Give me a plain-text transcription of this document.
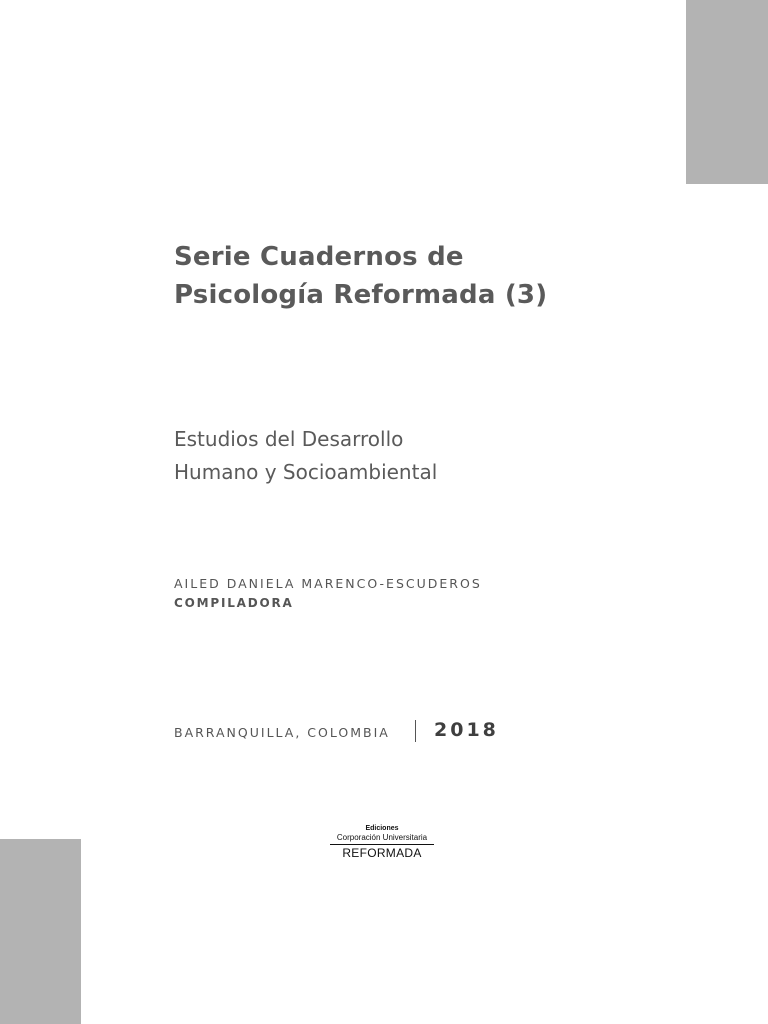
Serie Cuadernos de
Psicología Reformada (3)
Estudios del Desarrollo
Humano y Socioambiental
AILED DANIELA MARENCO-ESCUDEROS
COMPILADORA
BARRANQUILLA, COLOMBIA 2018
Ediciones
Corporación Universitaria
REFORMADA
